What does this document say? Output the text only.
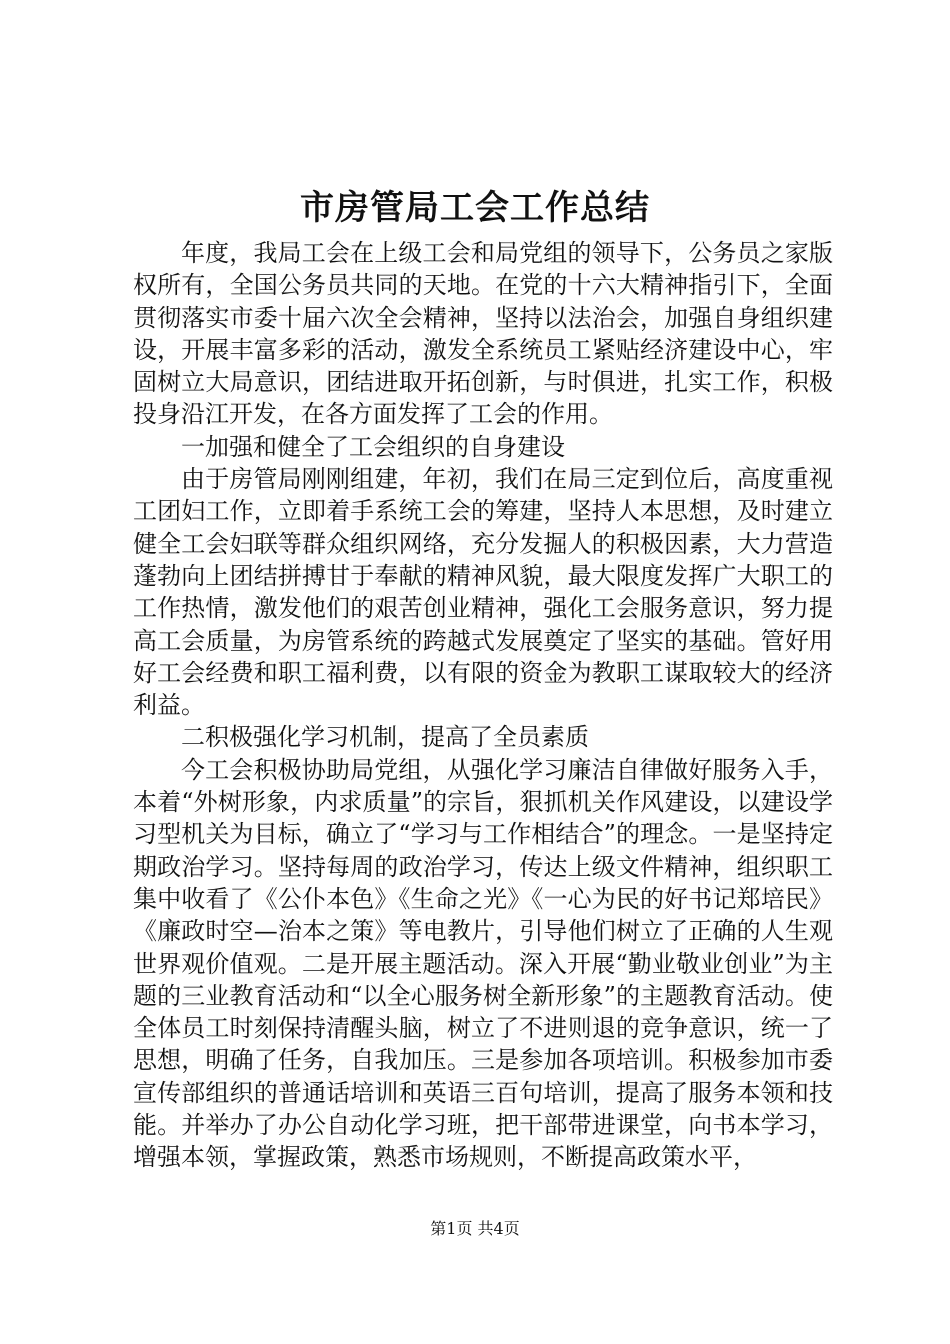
市房管局工会工作总结

年度，我局工会在上级工会和局党组的领导下，公务员之家版权所有，全国公务员共同的天地。在党的十六大精神指引下，全面贯彻落实市委十届六次全会精神，坚持以法治会，加强自身组织建设，开展丰富多彩的活动，激发全系统员工紧贴经济建设中心，牢固树立大局意识，团结进取开拓创新，与时俱进，扎实工作，积极投身沿江开发，在各方面发挥了工会的作用。

一加强和健全了工会组织的自身建设

由于房管局刚刚组建，年初，我们在局三定到位后，高度重视工团妇工作，立即着手系统工会的筹建，坚持人本思想，及时建立健全工会妇联等群众组织网络，充分发掘人的积极因素，大力营造蓬勃向上团结拼搏甘于奉献的精神风貌，最大限度发挥广大职工的工作热情，激发他们的艰苦创业精神，强化工会服务意识，努力提高工会质量，为房管系统的跨越式发展奠定了坚实的基础。管好用好工会经费和职工福利费，以有限的资金为教职工谋取较大的经济利益。

二积极强化学习机制，提高了全员素质

今工会积极协助局党组，从强化学习廉洁自律做好服务入手，本着“外树形象，内求质量”的宗旨，狠抓机关作风建设，以建设学习型机关为目标，确立了“学习与工作相结合”的理念。一是坚持定期政治学习。坚持每周的政治学习，传达上级文件精神，组织职工集中收看了《公仆本色》《生命之光》《一心为民的好书记郑培民》《廉政时空—治本之策》等电教片，引导他们树立了正确的人生观世界观价值观。二是开展主题活动。深入开展“勤业敬业创业”为主题的三业教育活动和“以全心服务树全新形象”的主题教育活动。使全体员工时刻保持清醒头脑，树立了不进则退的竞争意识，统一了思想，明确了任务，自我加压。三是参加各项培训。积极参加市委宣传部组织的普通话培训和英语三百句培训，提高了服务本领和技能。并举办了办公自动化学习班，把干部带进课堂，向书本学习，增强本领，掌握政策，熟悉市场规则，不断提高政策水平，

第1页 共4页
